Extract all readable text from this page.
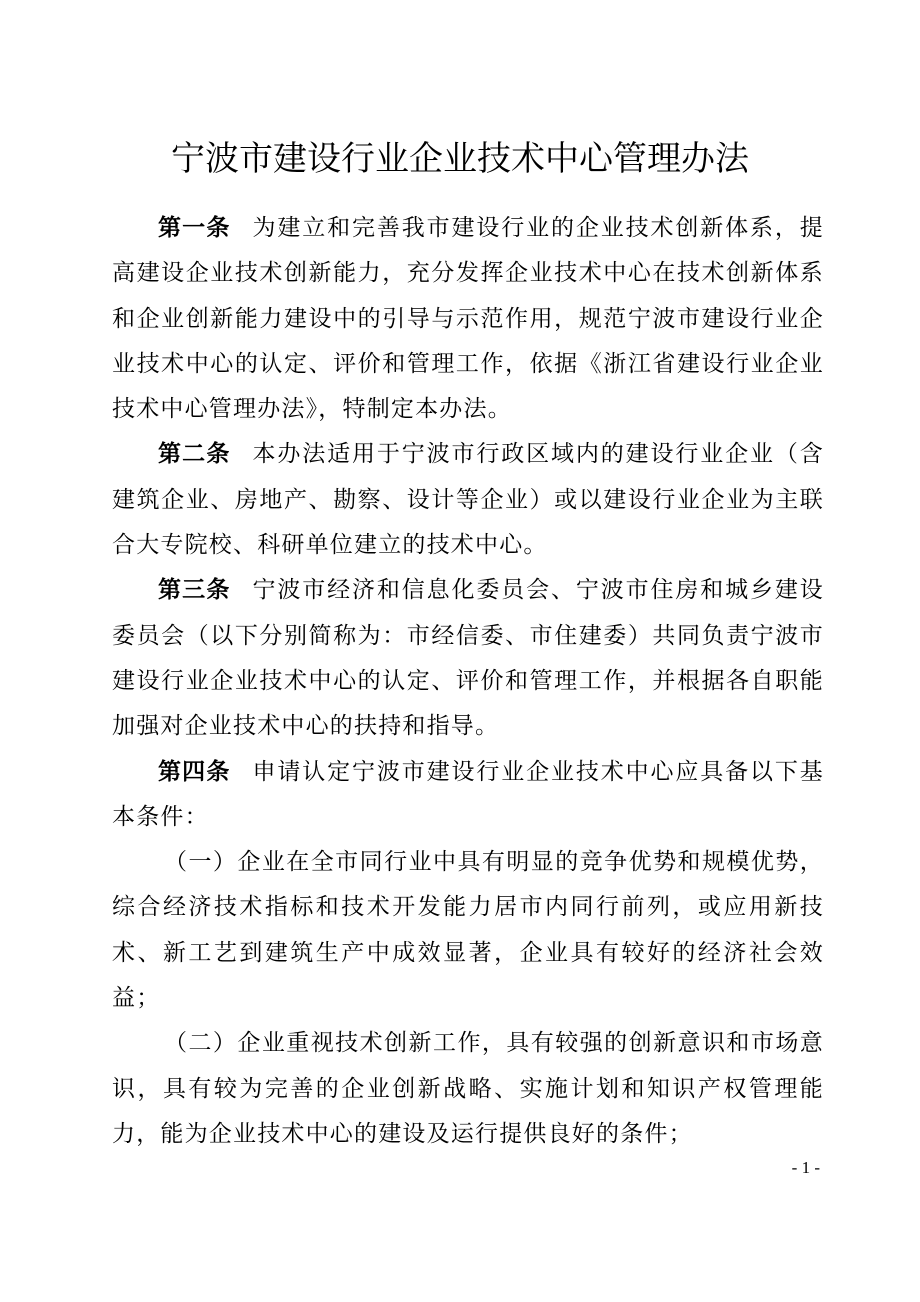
宁波市建设行业企业技术中心管理办法

第一条 为建立和完善我市建设行业的企业技术创新体系，提高建设企业技术创新能力，充分发挥企业技术中心在技术创新体系和企业创新能力建设中的引导与示范作用，规范宁波市建设行业企业技术中心的认定、评价和管理工作，依据《浙江省建设行业企业技术中心管理办法》，特制定本办法。

第二条 本办法适用于宁波市行政区域内的建设行业企业（含建筑企业、房地产、勘察、设计等企业）或以建设行业企业为主联合大专院校、科研单位建立的技术中心。

第三条 宁波市经济和信息化委员会、宁波市住房和城乡建设委员会（以下分别简称为：市经信委、市住建委）共同负责宁波市建设行业企业技术中心的认定、评价和管理工作，并根据各自职能加强对企业技术中心的扶持和指导。

第四条 申请认定宁波市建设行业企业技术中心应具备以下基本条件：

（一）企业在全市同行业中具有明显的竞争优势和规模优势，综合经济技术指标和技术开发能力居市内同行前列，或应用新技术、新工艺到建筑生产中成效显著，企业具有较好的经济社会效益；

（二）企业重视技术创新工作，具有较强的创新意识和市场意识，具有较为完善的企业创新战略、实施计划和知识产权管理能力，能为企业技术中心的建设及运行提供良好的条件；

- 1 -
